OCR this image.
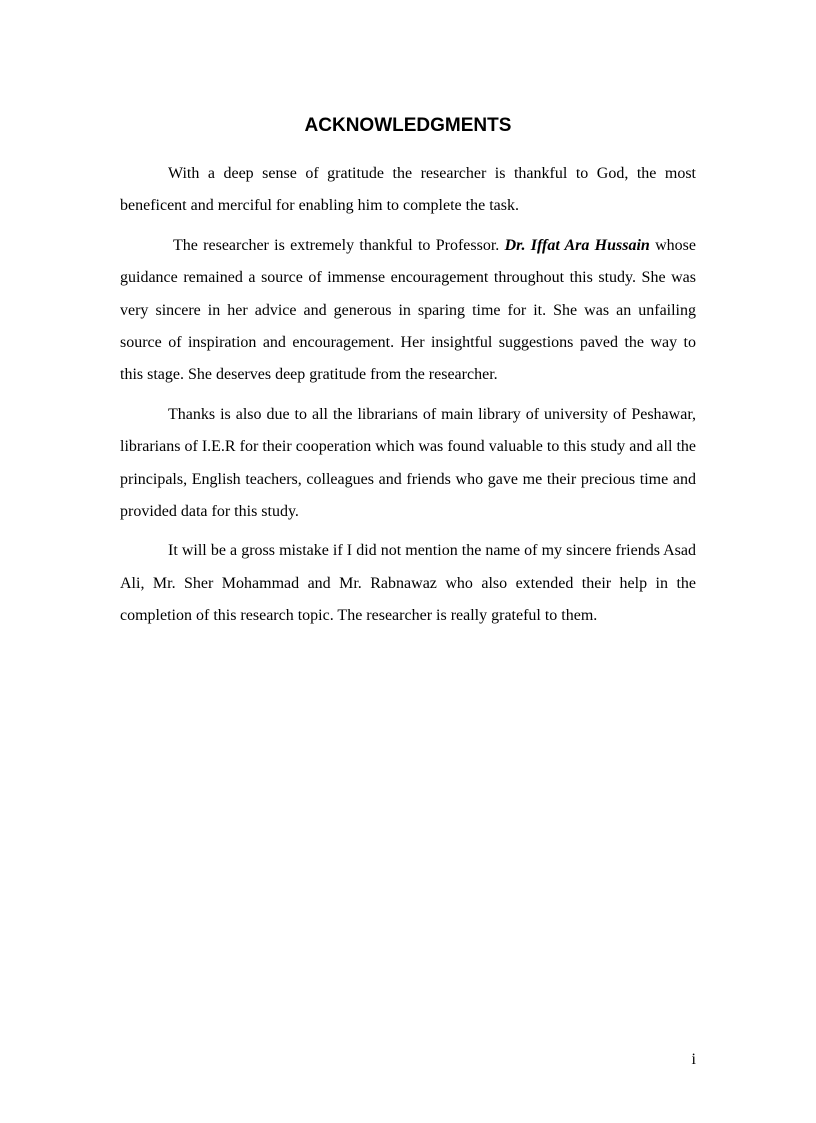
ACKNOWLEDGMENTS

With a deep sense of gratitude the researcher is thankful to God, the most beneficent and merciful for enabling him to complete the task.

The researcher is extremely thankful to Professor. Dr. Iffat Ara Hussain whose guidance remained a source of immense encouragement throughout this study. She was very sincere in her advice and generous in sparing time for it. She was an unfailing source of inspiration and encouragement. Her insightful suggestions paved the way to this stage. She deserves deep gratitude from the researcher.

Thanks is also due to all the librarians of main library of university of Peshawar, librarians of I.E.R for their cooperation which was found valuable to this study and all the principals, English teachers, colleagues and friends who gave me their precious time and provided data for this study.

It will be a gross mistake if I did not mention the name of my sincere friends Asad Ali, Mr. Sher Mohammad and Mr. Rabnawaz who also extended their help in the completion of this research topic. The researcher is really grateful to them.

i
